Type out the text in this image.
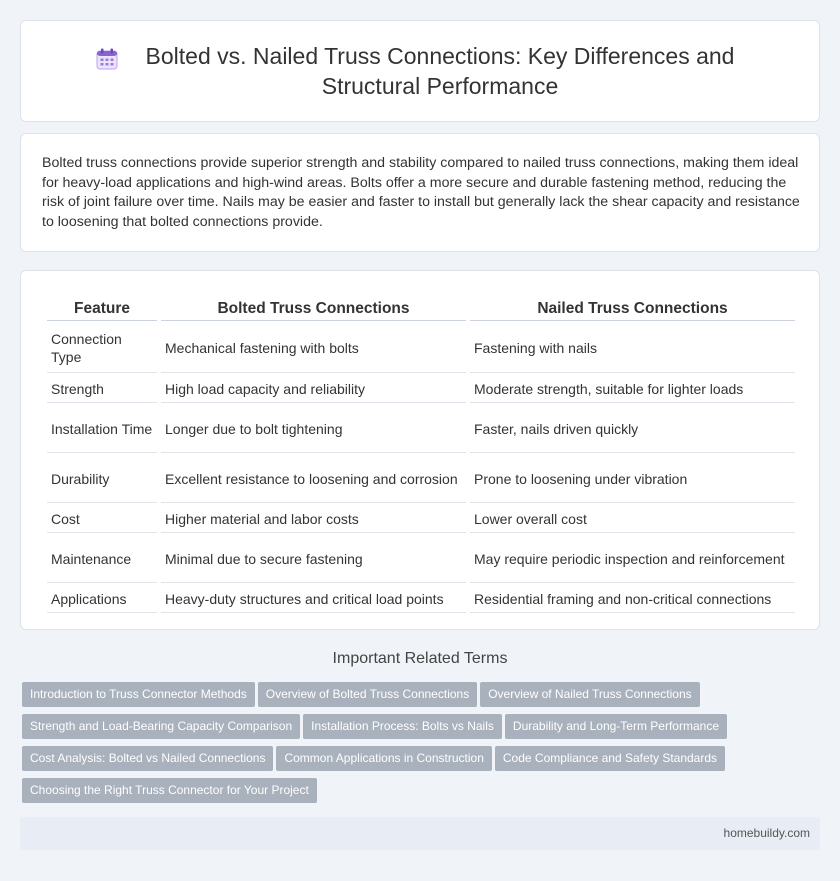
Bolted vs. Nailed Truss Connections: Key Differences and Structural Performance

Bolted truss connections provide superior strength and stability compared to nailed truss connections, making them ideal for heavy-load applications and high-wind areas. Bolts offer a more secure and durable fastening method, reducing the risk of joint failure over time. Nails may be easier and faster to install but generally lack the shear capacity and resistance to loosening that bolted connections provide.

Feature	Bolted Truss Connections	Nailed Truss Connections
Connection Type	Mechanical fastening with bolts	Fastening with nails
Strength	High load capacity and reliability	Moderate strength, suitable for lighter loads
Installation Time	Longer due to bolt tightening	Faster, nails driven quickly
Durability	Excellent resistance to loosening and corrosion	Prone to loosening under vibration
Cost	Higher material and labor costs	Lower overall cost
Maintenance	Minimal due to secure fastening	May require periodic inspection and reinforcement
Applications	Heavy-duty structures and critical load points	Residential framing and non-critical connections
Important Related Terms
Introduction to Truss Connector Methods Overview of Bolted Truss Connections Overview of Nailed Truss Connections
Strength and Load-Bearing Capacity Comparison Installation Process: Bolts vs Nails Durability and Long-Term Performance
Cost Analysis: Bolted vs Nailed Connections Common Applications in Construction Code Compliance and Safety Standards
Choosing the Right Truss Connector for Your Project
homebuildy.com
